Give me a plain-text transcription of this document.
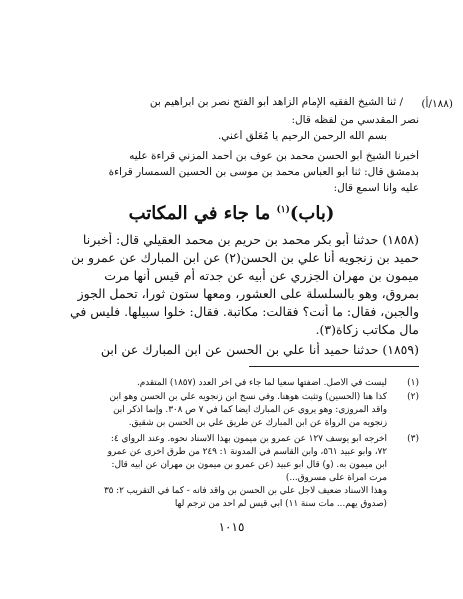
(١٨٨/أ)
/ ثنا الشيخ الفقيه الإمام الزاهد أبو الفتح نصر بن ابراهيم بن
نصر المقدسي من لفظه قال:
بسم الله الرحمن الرحيم يا مُعَلِّق أعني.
أخبرنا الشيخ أبو الحسن محمد بن عوف بن أحمد المزني قراءة عليه
بدمشق قال: ثنا أبو العباس محمد بن موسى بن الحسين السمسار قراءة
عليه وانا اسمع قال:
(باب)$^{(١)}$ ما جاء في المكاتب
(١٨٥٨) حدثنا أبو بكر محمد بن حريم بن محمد العقيلي قال: أخبرنا
حميد بن زنجويه أنا علي بن الحسن(٢) عن ابن المبارك عن عمرو بن
ميمون بن مهران الجزري عن أبيه عن جدته أم قيس أنها مرت
بمروق، وهو بالسلسلة على العشور، ومعها ستون ثورا، تحمل الجوز
والجبن، فقال: ما أنت؟ فقالت: مكاتبة. فقال: خلوا سبيلها. فليس في
مال مكاتب زكاة(٣).
(١٨٥٩) حدثنا حميد أنا علي بن الحسن عن ابن المبارك عن ابن
(١)
ليست في الأصل. أضفتها سعيا لما جاء في اخر العدد (١٨٥٧) المتقدم.
(٢)
كذا هنا (الحسين) وتثبت هوهنا. وفي نسخ ابن زنجويه علي بن الحسن وهو ابن
واقد المروزي: وهو يروي عن المبارك أيضا كما في ٧ ص ٣٠٨. وإنما أذكر ابن
زنجويه من الرواة عن ابن المبارك عن طريق علي بن الحسن بن شقيق.
(٣)
أخرجه أبو يوسف ١٢٧ عن عمرو بن ميمون بهذا الاسناد نحوه. وعند الرواي ٤:
٧٢، وأبو عبيد ٥٦١، وابن القاسم في المدونة ١: ٢٤٩ من طرق أخرى عن عمرو
ابن ميمون به. (و) قال أبو عبيد (عن عمرو بن ميمون بن مهران عن أبيه قال:
مرت امرأة على مسروق...)
وهذا الاسناد ضعيف لأجل علي بن الحسن بن واقد فانه - كما في التقريب ٢: ٣٥
(صدوق يهم... مات سنة ١١) أبي قيس لم أحد من ترجم لها
١٠١٥
